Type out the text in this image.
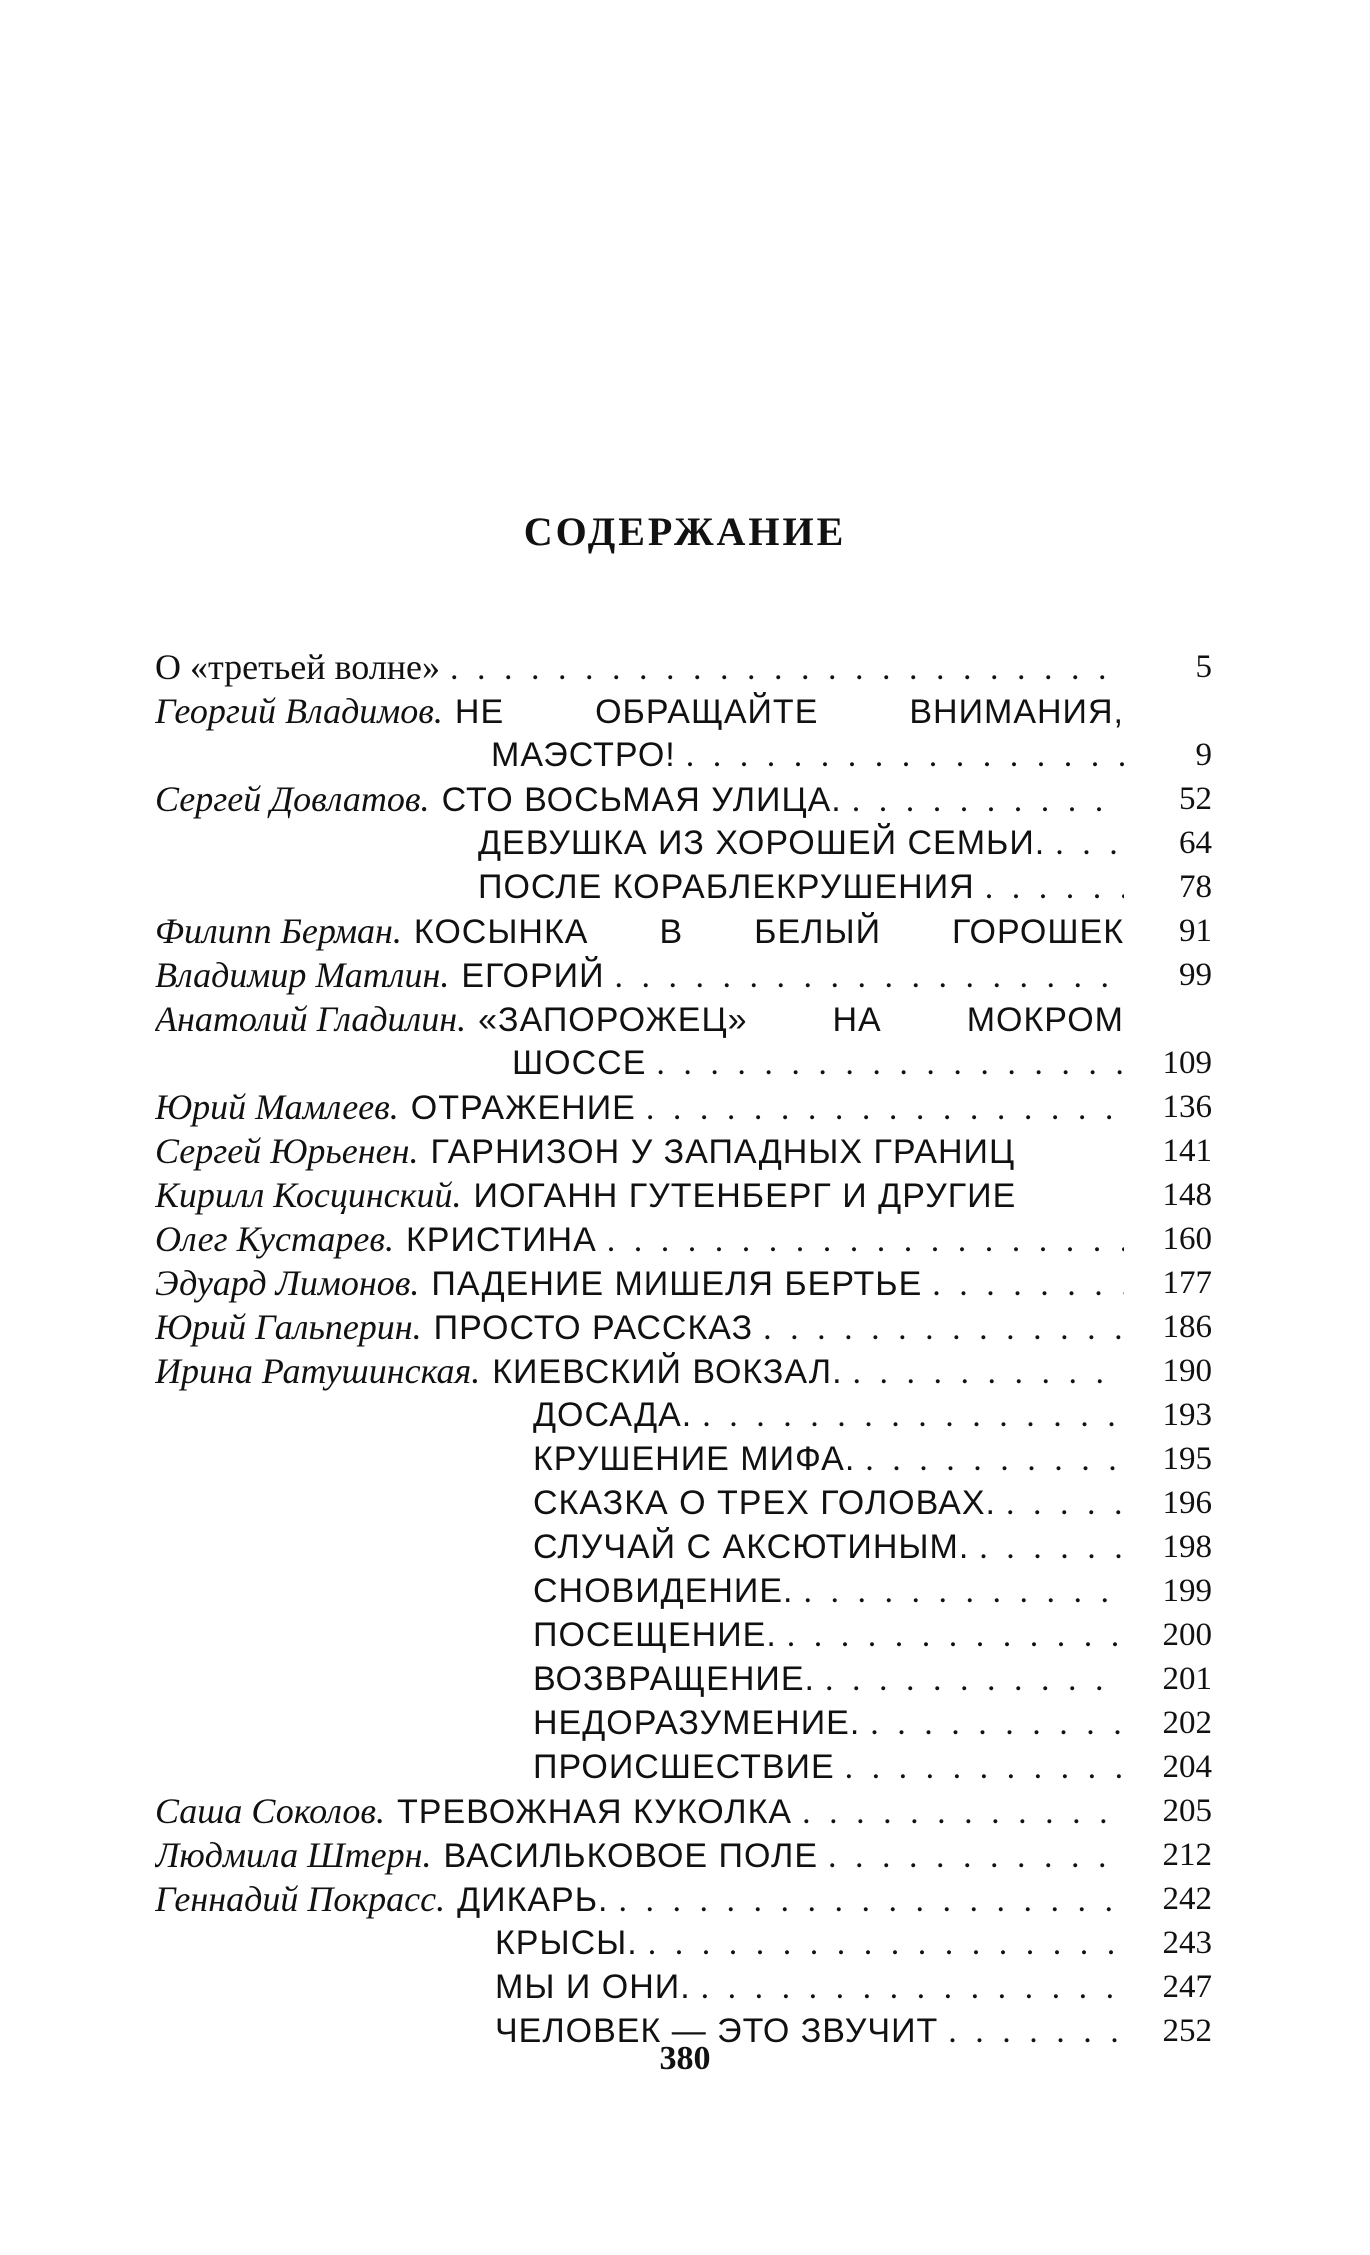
СОДЕРЖАНИЕ
О «третьей волне» . . .	5
Георгий Владимов. НЕ ОБРАЩАЙТЕ ВНИМАНИЯ,
МАЭСТРО! . . .	9
Сергей Довлатов. СТО ВОСЬМАЯ УЛИЦА. . . .	52
ДЕВУШКА ИЗ ХОРОШЕЙ СЕМЬИ. . . .	64
ПОСЛЕ КОРАБЛЕКРУШЕНИЯ . . .	78
Филипп Берман. КОСЫНКА В БЕЛЫЙ ГОРОШЕК	91
Владимир Матлин. ЕГОРИЙ . . .	99
Анатолий Гладилин. «ЗАПОРОЖЕЦ» НА МОКРОМ
ШОССЕ . . .	109
Юрий Мамлеев. ОТРАЖЕНИЕ . . .	136
Сергей Юрьенен. ГАРНИЗОН У ЗАПАДНЫХ ГРАНИЦ	141
Кирилл Косцинский. ИОГАНН ГУТЕНБЕРГ И ДРУГИЕ	148
Олег Кустарев. КРИСТИНА . . .	160
Эдуард Лимонов. ПАДЕНИЕ МИШЕЛЯ БЕРТЬЕ . . .	177
Юрий Гальперин. ПРОСТО РАССКАЗ . . .	186
Ирина Ратушинская. КИЕВСКИЙ ВОКЗАЛ. . . .	190
ДОСАДА. . . .	193
КРУШЕНИЕ МИФА. . . .	195
СКАЗКА О ТРЕХ ГОЛОВАХ. . . .	196
СЛУЧАЙ С АКСЮТИНЫМ. . . .	198
СНОВИДЕНИЕ. . . .	199
ПОСЕЩЕНИЕ. . . .	200
ВОЗВРАЩЕНИЕ. . . .	201
НЕДОРАЗУМЕНИЕ. . . .	202
ПРОИСШЕСТВИЕ . . .	204
Саша Соколов. ТРЕВОЖНАЯ КУКОЛКА . . .	205
Людмила Штерн. ВАСИЛЬКОВОЕ ПОЛЕ . . .	212
Геннадий Покрасс. ДИКАРЬ. . . .	242
КРЫСЫ. . . .	243
МЫ И ОНИ. . . .	247
ЧЕЛОВЕК — ЭТО ЗВУЧИТ . . .	252
380
